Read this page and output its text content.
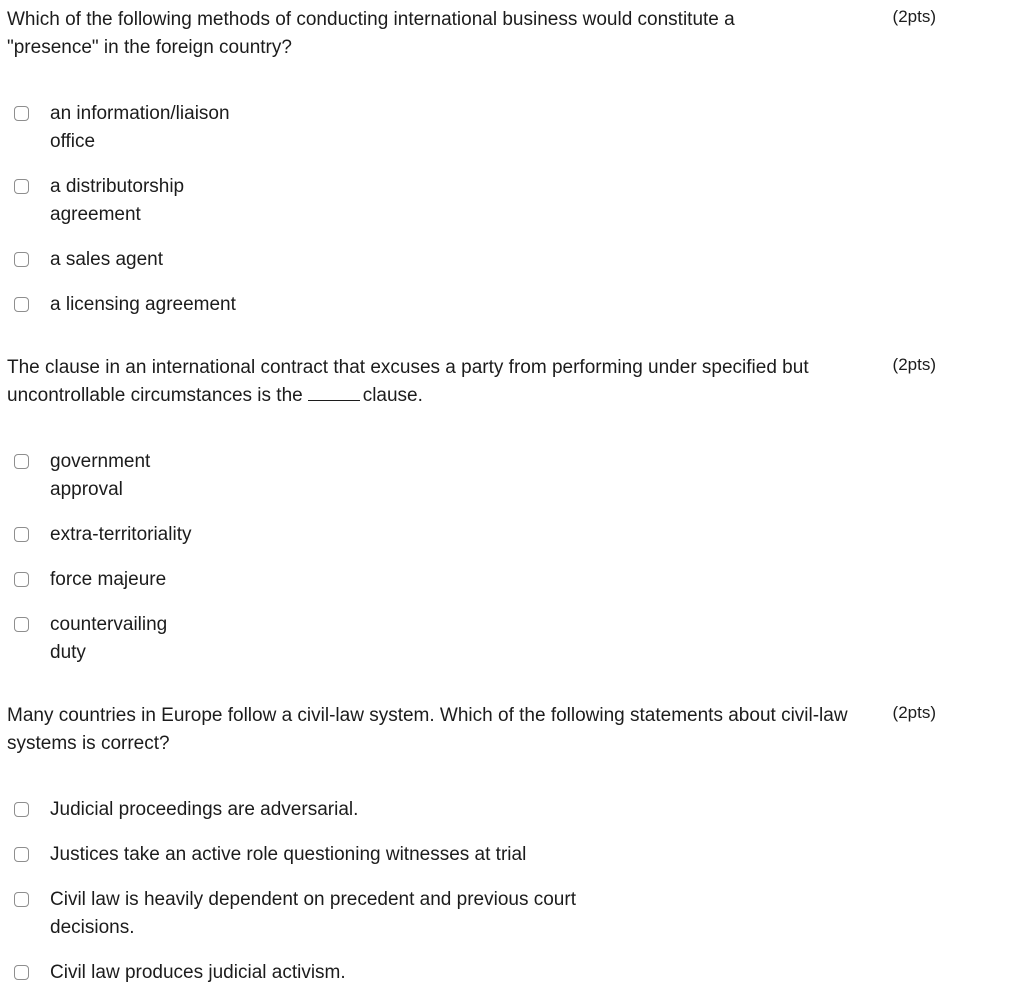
Which of the following methods of conducting international business would constitute a "presence" in the foreign country?

(2pts)
an information/liaison office
a distributorship agreement
a sales agent
a licensing agreement

The clause in an international contract that excuses a party from performing under specified but uncontrollable circumstances is the	clause.

(2pts)
government approval
extra-territoriality
force majeure
countervailing duty

Many countries in Europe follow a civil-law system. Which of the following statements about civil-law systems is correct?

(2pts)
Judicial proceedings are adversarial.
Justices take an active role questioning witnesses at trial
Civil law is heavily dependent on precedent and previous court decisions.
Civil law produces judicial activism.
